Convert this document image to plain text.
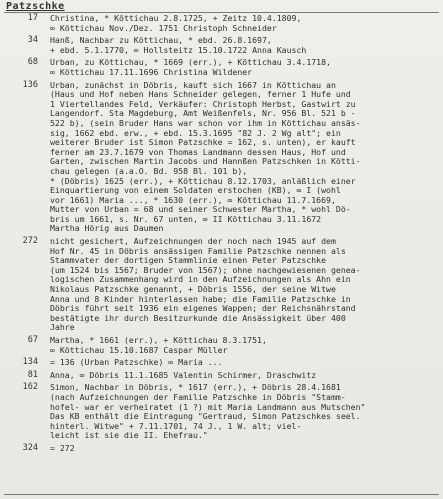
Patzschke
17	Christina, * Köttichau 2.8.1725, + Zeitz 10.4.1809,
∞ Köttichau Nov./Dez. 1751 Christoph Schneider
34	Hanß, Nachbar zu Köttichau, * ebd. 26.8.1697,
+ ebd. 5.1.1770, ∞ Hollsteitz 15.10.1722 Anna Kausch
68	Urban, zu Köttichau, * 1669 (err.), + Köttichau 3.4.1718,
∞ Köttichau 17.11.1696 Christina Wildener
136	Urban, zunächst in Döbris, kauft sich 1667 in Köttichau an
(Haus und Hof neben Hans Schneider gelegen, ferner 1 Hufe und
1 Viertellandes Feld, Verkäufer: Christoph Herbst, Gastwirt zu
Langendorf. Sta Magdeburg, Amt Weißenfels, Nr. 956 Bl. 521 b -
522 b), (sein Bruder Hans war schon vor ihm in Köttichau ansäs-
sig, 1662 ebd. erw., + ebd. 15.3.1695 "82 J. 2 Wg alt"; ein
weiterer Bruder ist Simon Patzschke = 162, s. unten), er kauft
ferner am 23.7.1679 von Thomas Landmann dessen Haus, Hof und
Garten, zwischen Martin Jacobs und Hannßen Patzschken in Kötti-
chau gelegen (a.a.O. Bd. 958 Bl. 101 b),
* (Döbris) 1625 (err.), + Köttichau 8.12.1703, anläßlich einer
Einquartierung von einem Soldaten erstochen (KB), ∞ I (wohl
vor 1661) Maria ..., * 1630 (err.), ∞ Köttichau 11.7.1669,
Mutter von Urban = 68 und seiner Schwester Martha, * wohl Dö-
bris um 1661, s. Nr. 67 unten, ∞ II Köttichau 3.11.1672
Martha Hörig aus Daumen
272	nicht gesichert, Aufzeichnungen der noch nach 1945 auf dem
Hof Nr. 45 in Döbris ansässigen Familie Patzschke nennen als
Stammvater der dortigen Stammlinie einen Peter Patzschke
(um 1524 bis 1567; Bruder von 1567); ohne nachgewiesenen genea-
logischen Zusammenhang wird in den Aufzeichnungen als Ahn ein
Nikolaus Patzschke genannt, + Döbris 1556, der seine Witwe
Anna und 8 Kinder hinterlassen habe; die Familie Patzschke in
Döbris führt seit 1936 ein eigenes Wappen; der Reichsnährstand
bestätigte ihr durch Besitzurkunde die Ansässigkeit über 400
Jahre
67	Martha, * 1661 (err.), + Köttichau 8.3.1751,
∞ Köttichau 15.10.1687 Caspar Müller
134	= 136 (Urban Patzschke) ∞ Maria ...
81	Anna, ∞ Döbris 11.1.1685 Valentin Schirmer, Draschwitz
162	Simon, Nachbar in Döbris, * 1617 (err.), + Döbris 28.4.1681
(nach Aufzeichnungen der Familie Patzschke in Döbris "Stamm-
hofel- war er verheiratet (1 ?) mit Maria Landmann aus Mutschen"
Das KB enthält die Eintragung "Gertraud, Simon Patzschkes seel.
hinterl. Witwe" + 7.11.1701, 74 J., 1 W. alt; viel-
leicht ist sie die II. Ehefrau."
324	= 272
